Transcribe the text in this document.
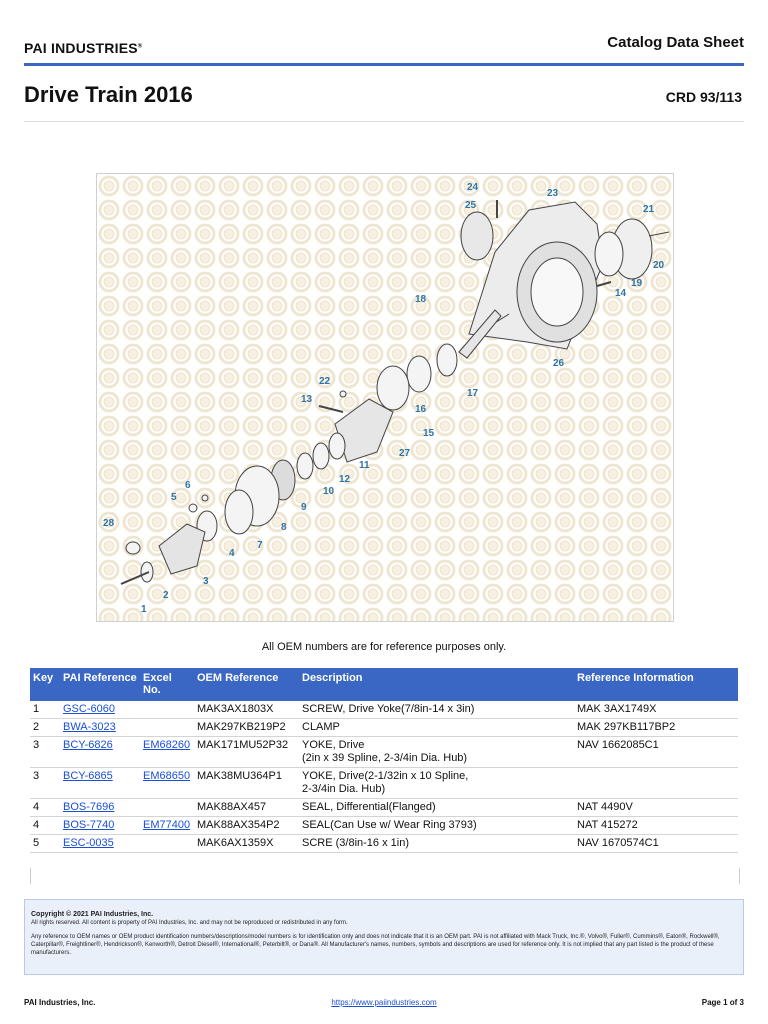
PAI INDUSTRIES®	Catalog Data Sheet
Drive Train 2016	CRD 93/113
1
2
3
4
5
6
7
8
9
10
11
12
13
14
15
16
17
18
19
20
21
22
23
24
25
26
27
28
All OEM numbers are for reference purposes only.
Key	PAI Reference	Excel No.	OEM Reference	Description	Reference Information
1	GSC-6060		MAK3AX1803X	SCREW, Drive Yoke(7/8in-14 x 3in)	MAK 3AX1749X
2	BWA-3023		MAK297KB219P2	CLAMP	MAK 297KB117BP2
3	BCY-6826	EM68260	MAK171MU52P32	YOKE, Drive
(2in x 39 Spline, 2-3/4in Dia. Hub)	NAV 1662085C1
3	BCY-6865	EM68650	MAK38MU364P1	YOKE, Drive(2-1/32in x 10 Spline,
2-3/4in Dia. Hub)	
4	BOS-7696		MAK88AX457	SEAL, Differential(Flanged)	NAT 4490V
4	BOS-7740	EM77400	MAK88AX354P2	SEAL(Can Use w/ Wear Ring 3793)	NAT 415272
5	ESC-0035		MAK6AX1359X	SCRE (3/8in-16 x 1in)	NAV 1670574C1

Copyright © 2021 PAI Industries, Inc.

All rights reserved. All content is property of PAI Industries, Inc. and may not be reproduced or redistributed in any form.

Any reference to OEM names or OEM product identification numbers/descriptions/model numbers is for identification only and does not indicate that it is an OEM part. PAI is not affiliated with Mack Truck, Inc.®, Volvo®, Fuller®, Cummins®, Eaton®, Rockwell®, Caterpillar®, Freightliner®, Hendrickson®, Kenworth®, Detroit Diesel®, International®, Peterbilt®, or Dana®. All Manufacturer's names, numbers, symbols and descriptions are used for reference only. It is not implied that any part listed is the product of these manufacturers.

PAI Industries, Inc.	https://www.paiindustries.com	Page 1 of 3
